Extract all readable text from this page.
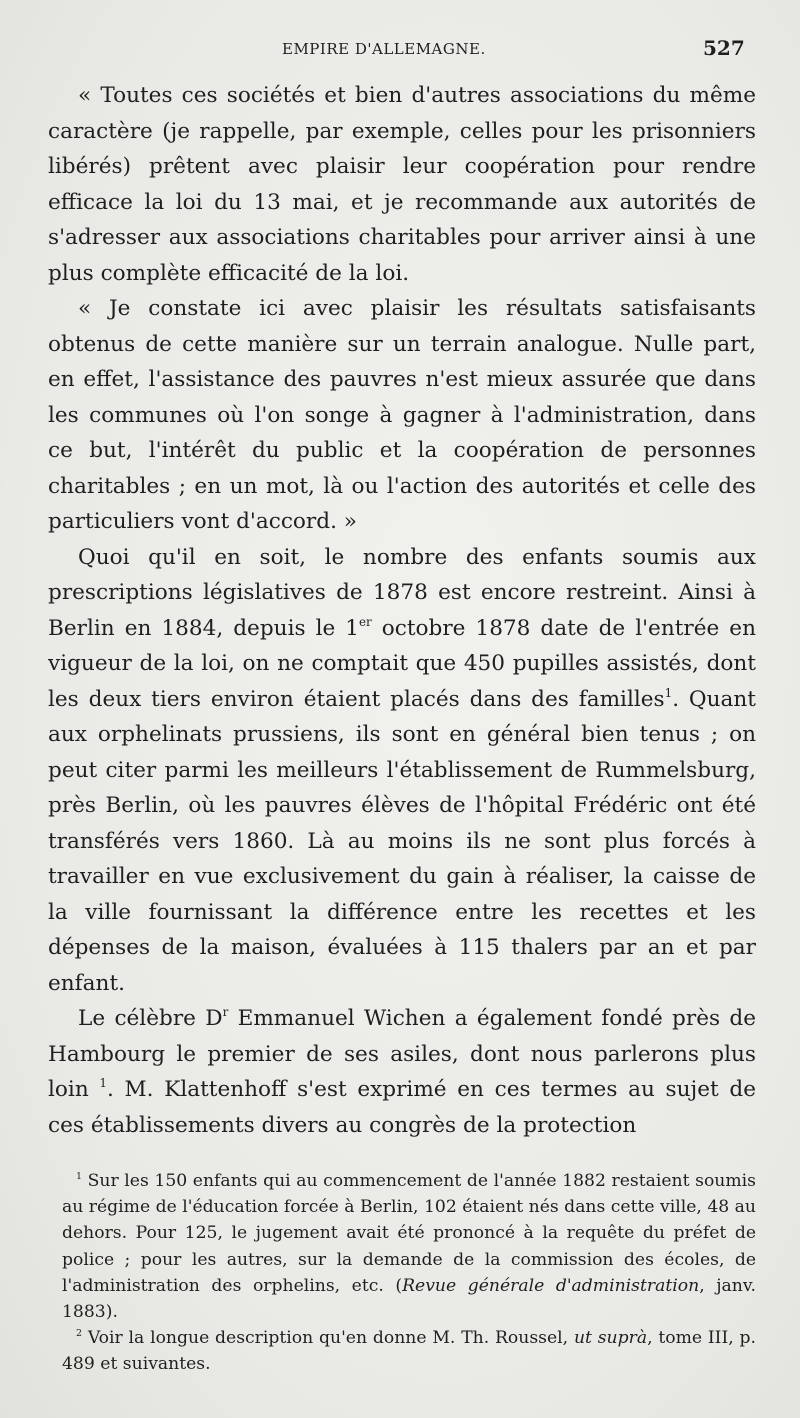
EMPIRE D'ALLEMAGNE.	527

« Toutes ces sociétés et bien d'autres associations du même caractère (je rappelle, par exemple, celles pour les prisonniers libérés) prêtent avec plaisir leur coopération pour rendre efficace la loi du 13 mai, et je recommande aux autorités de s'adresser aux associations charitables pour arriver ainsi à une plus complète efficacité de la loi.

« Je constate ici avec plaisir les résultats satisfaisants obtenus de cette manière sur un terrain analogue. Nulle part, en effet, l'assistance des pauvres n'est mieux assurée que dans les communes où l'on songe à gagner à l'administration, dans ce but, l'intérêt du public et la coopération de personnes charitables ; en un mot, là ou l'action des autorités et celle des particuliers vont d'accord. »

Quoi qu'il en soit, le nombre des enfants soumis aux prescriptions législatives de 1878 est encore restreint. Ainsi à Berlin en 1884, depuis le 1er octobre 1878 date de l'entrée en vigueur de la loi, on ne comptait que 450 pupilles assistés, dont les deux tiers environ étaient placés dans des familles$^1$. Quant aux orphelinats prussiens, ils sont en général bien tenus ; on peut citer parmi les meilleurs l'établissement de Rummelsburg, près Berlin, où les pauvres élèves de l'hôpital Frédéric ont été transférés vers 1860. Là au moins ils ne sont plus forcés à travailler en vue exclusivement du gain à réaliser, la caisse de la ville fournissant la différence entre les recettes et les dépenses de la maison, évaluées à 115 thalers par an et par enfant.

Le célèbre $D^r$ Emmanuel Wichen a également fondé près de Hambourg le premier de ses asiles, dont nous parlerons plus loin $^1$. M. Klattenhoff s'est exprimé en ces termes au sujet de ces établissements divers au congrès de la protection

$^1$ Sur les 150 enfants qui au commencement de l'année 1882 restaient soumis au régime de l'éducation forcée à Berlin, 102 étaient nés dans cette ville, 48 au dehors. Pour 125, le jugement avait été prononcé à la requête du préfet de police ; pour les autres, sur la demande de la commission des écoles, de l'administration des orphelins, etc. (Revue générale d'administration, janv. 1883).

$^2$ Voir la longue description qu'en donne M. Th. Roussel, ut suprà, tome III, p. 489 et suivantes.
